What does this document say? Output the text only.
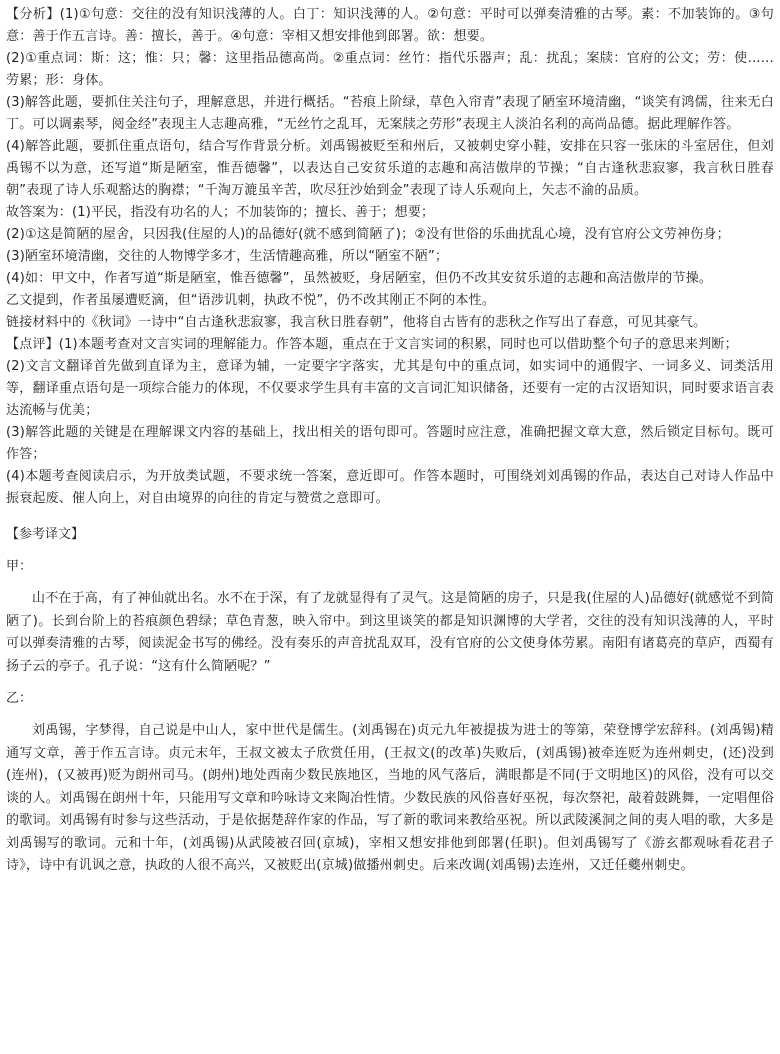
【分析】(1)①句意：交往的没有知识浅薄的人。白丁：知识浅薄的人。②句意：平时可以弹奏清雅的古琴。素：不加装饰的。③句意：善于作五言诗。善：擅长，善于。④句意：宰相又想安排他到郎署。欲：想要。

(2)①重点词：斯：这；惟：只；馨：这里指品德高尚。②重点词：丝竹：指代乐器声；乱：扰乱；案牍：官府的公文；劳：使……劳累；形：身体。

(3)解答此题，要抓住关注句子，理解意思，并进行概括。“苔痕上阶绿，草色入帘青”表现了陋室环境清幽，“谈笑有鸿儒，往来无白丁。可以调素琴，阅金经”表现主人志趣高雅，“无丝竹之乱耳，无案牍之劳形”表现主人淡泊名利的高尚品德。据此理解作答。

(4)解答此题，要抓住重点语句，结合写作背景分析。刘禹锡被贬至和州后，又被刺史穿小鞋，安排在只容一张床的斗室居住，但刘禹锡不以为意，还写道“斯是陋室，惟吾德馨”，以表达自己安贫乐道的志趣和高洁傲岸的节操；“自古逢秋悲寂寥，我言秋日胜春朝”表现了诗人乐观豁达的胸襟；“千淘万漉虽辛苦，吹尽狂沙始到金”表现了诗人乐观向上，矢志不渝的品质。

故答案为：(1)平民，指没有功名的人；不加装饰的；擅长、善于；想要；

(2)①这是简陋的屋舍，只因我(住屋的人)的品德好(就不感到简陋了)；②没有世俗的乐曲扰乱心境，没有官府公文劳神伤身；

(3)陋室环境清幽，交往的人物博学多才，生活情趣高雅，所以“陋室不陋”；

(4)如：甲文中，作者写道“斯是陋室，惟吾德馨”，虽然被贬，身居陋室，但仍不改其安贫乐道的志趣和高洁傲岸的节操。

乙文提到，作者虽屡遭贬滴，但“语涉讥刺，执政不悦”，仍不改其刚正不阿的本性。

链接材料中的《秋词》一诗中“自古逢秋悲寂寥，我言秋日胜春朝”，他将自古皆有的悲秋之作写出了春意，可见其豪气。

【点评】(1)本题考查对文言实词的理解能力。作答本题，重点在于文言实词的积累，同时也可以借助整个句子的意思来判断；

(2)文言文翻译首先做到直译为主，意译为辅，一定要字字落实，尤其是句中的重点词，如实词中的通假字、一词多义、词类活用等，翻译重点语句是一项综合能力的体现，不仅要求学生具有丰富的文言词汇知识储备，还要有一定的古汉语知识，同时要求语言表达流畅与优美；

(3)解答此题的关键是在理解课文内容的基础上，找出相关的语句即可。答题时应注意，准确把握文章大意，然后锁定目标句。既可作答；

(4)本题考查阅读启示，为开放类试题，不要求统一答案，意近即可。作答本题时，可围绕刘刘禹锡的作品，表达自己对诗人作品中振衰起废、催人向上，对自由境界的向往的肯定与赞赏之意即可。

【参考译文】

甲：

山不在于高，有了神仙就出名。水不在于深，有了龙就显得有了灵气。这是简陋的房子，只是我(住屋的人)品德好(就感觉不到简陋了)。长到台阶上的苔痕颜色碧绿；草色青葱，映入帘中。到这里谈笑的都是知识渊博的大学者，交往的没有知识浅薄的人，平时可以弹奏清雅的古琴，阅读泥金书写的佛经。没有奏乐的声音扰乱双耳，没有官府的公文使身体劳累。南阳有诸葛亮的草庐，西蜀有扬子云的亭子。孔子说：“这有什么简陋呢？”

乙：

刘禹锡，字梦得，自己说是中山人，家中世代是儒生。(刘禹锡在)贞元九年被提拔为进士的等第，荣登博学宏辞科。(刘禹锡)精通写文章，善于作五言诗。贞元末年，王叔文被太子欣赏任用，(王叔文(的改革)失败后，(刘禹锡)被牵连贬为连州刺史，(还)没到(连州)，(又被再)贬为朗州司马。(朗州)地处西南少数民族地区，当地的风气落后，满眼都是不同(于文明地区)的风俗，没有可以交谈的人。刘禹锡在朗州十年，只能用写文章和吟咏诗文来陶冶性情。少数民族的风俗喜好巫祝，每次祭祀，敲着鼓跳舞，一定唱俚俗的歌词。刘禹锡有时参与这些活动，于是依据楚辞作家的作品，写了新的歌词来教给巫祝。所以武陵溪洞之间的夷人唱的歌，大多是刘禹锡写的歌词。元和十年，(刘禹锡)从武陵被召回(京城)，宰相又想安排他到郎署(任职)。但刘禹锡写了《游玄都观咏看花君子诗》，诗中有讥讽之意，执政的人很不高兴，又被贬出(京城)做播州刺史。后来改调(刘禹锡)去连州，又迁任夔州刺史。
